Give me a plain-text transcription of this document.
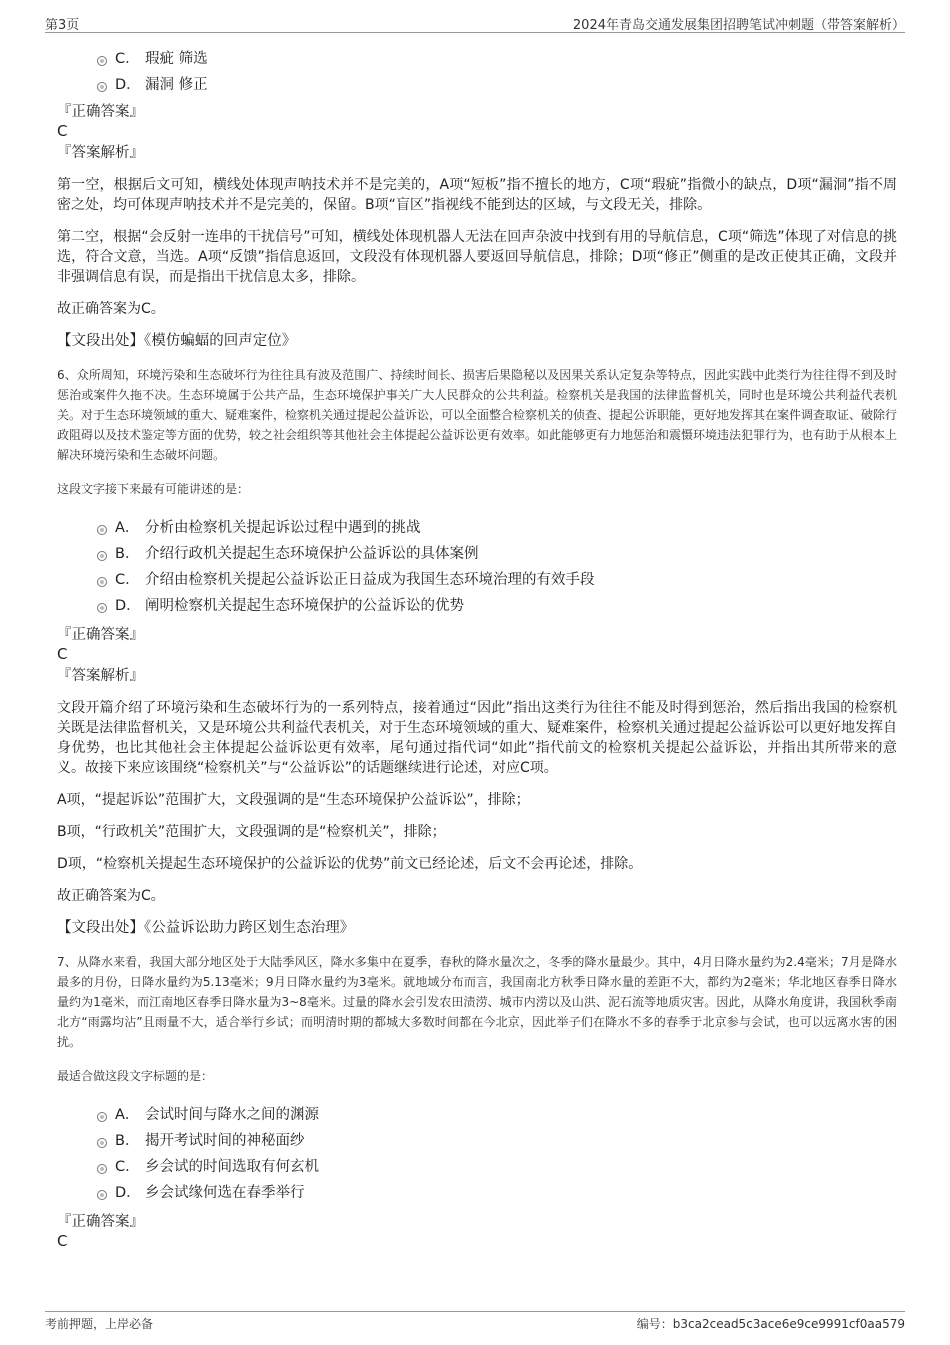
第3页	2024年青岛交通发展集团招聘笔试冲刺题（带答案解析）
C． 瑕疵 筛选
D． 漏洞 修正
『正确答案』
C
『答案解析』

第一空，根据后文可知，横线处体现声呐技术并不是完美的，A项“短板”指不擅长的地方，C项“瑕疵”指微小的缺点，D项“漏洞”指不周密之处，均可体现声呐技术并不是完美的，保留。B项“盲区”指视线不能到达的区域，与文段无关，排除。

第二空，根据“会反射一连串的干扰信号”可知，横线处体现机器人无法在回声杂波中找到有用的导航信息，C项“筛选”体现了对信息的挑选，符合文意，当选。A项“反馈”指信息返回，文段没有体现机器人要返回导航信息，排除；D项“修正”侧重的是改正使其正确，文段并非强调信息有误，而是指出干扰信息太多，排除。

故正确答案为C。

【文段出处】《模仿蝙蝠的回声定位》

6、众所周知，环境污染和生态破坏行为往往具有波及范围广、持续时间长、损害后果隐秘以及因果关系认定复杂等特点，因此实践中此类行为往往得不到及时惩治或案件久拖不决。生态环境属于公共产品，生态环境保护事关广大人民群众的公共利益。检察机关是我国的法律监督机关，同时也是环境公共利益代表机关。对于生态环境领域的重大、疑难案件，检察机关通过提起公益诉讼，可以全面整合检察机关的侦查、提起公诉职能，更好地发挥其在案件调查取证、破除行政阻碍以及技术鉴定等方面的优势，较之社会组织等其他社会主体提起公益诉讼更有效率。如此能够更有力地惩治和震慑环境违法犯罪行为，也有助于从根本上解决环境污染和生态破坏问题。

这段文字接下来最有可能讲述的是：

A． 分析由检察机关提起诉讼过程中遇到的挑战
B． 介绍行政机关提起生态环境保护公益诉讼的具体案例
C． 介绍由检察机关提起公益诉讼正日益成为我国生态环境治理的有效手段
D． 阐明检察机关提起生态环境保护的公益诉讼的优势
『正确答案』
C
『答案解析』

文段开篇介绍了环境污染和生态破坏行为的一系列特点，接着通过“因此”指出这类行为往往不能及时得到惩治，然后指出我国的检察机关既是法律监督机关，又是环境公共利益代表机关，对于生态环境领域的重大、疑难案件，检察机关通过提起公益诉讼可以更好地发挥自身优势，也比其他社会主体提起公益诉讼更有效率，尾句通过指代词“如此”指代前文的检察机关提起公益诉讼，并指出其所带来的意义。故接下来应该围绕“检察机关”与“公益诉讼”的话题继续进行论述，对应C项。

A项，“提起诉讼”范围扩大，文段强调的是“生态环境保护公益诉讼”，排除；

B项，“行政机关”范围扩大，文段强调的是“检察机关”，排除；

D项，“检察机关提起生态环境保护的公益诉讼的优势”前文已经论述，后文不会再论述，排除。

故正确答案为C。

【文段出处】《公益诉讼助力跨区划生态治理》

7、从降水来看，我国大部分地区处于大陆季风区，降水多集中在夏季，春秋的降水量次之，冬季的降水量最少。其中，4月日降水量约为2.4毫米；7月是降水最多的月份，日降水量约为5.13毫米；9月日降水量约为3毫米。就地域分布而言，我国南北方秋季日降水量的差距不大，都约为2毫米；华北地区春季日降水量约为1毫米，而江南地区春季日降水量为3~8毫米。过量的降水会引发农田渍涝、城市内涝以及山洪、泥石流等地质灾害。因此，从降水角度讲，我国秋季南北方“雨露均沾”且雨量不大，适合举行乡试；而明清时期的都城大多数时间都在今北京，因此举子们在降水不多的春季于北京参与会试，也可以远离水害的困扰。

最适合做这段文字标题的是：

A． 会试时间与降水之间的渊源
B． 揭开考试时间的神秘面纱
C． 乡会试的时间选取有何玄机
D． 乡会试缘何选在春季举行
『正确答案』
C
考前押题，上岸必备	编号：b3ca2cead5c3ace6e9ce9991cf0aa579
